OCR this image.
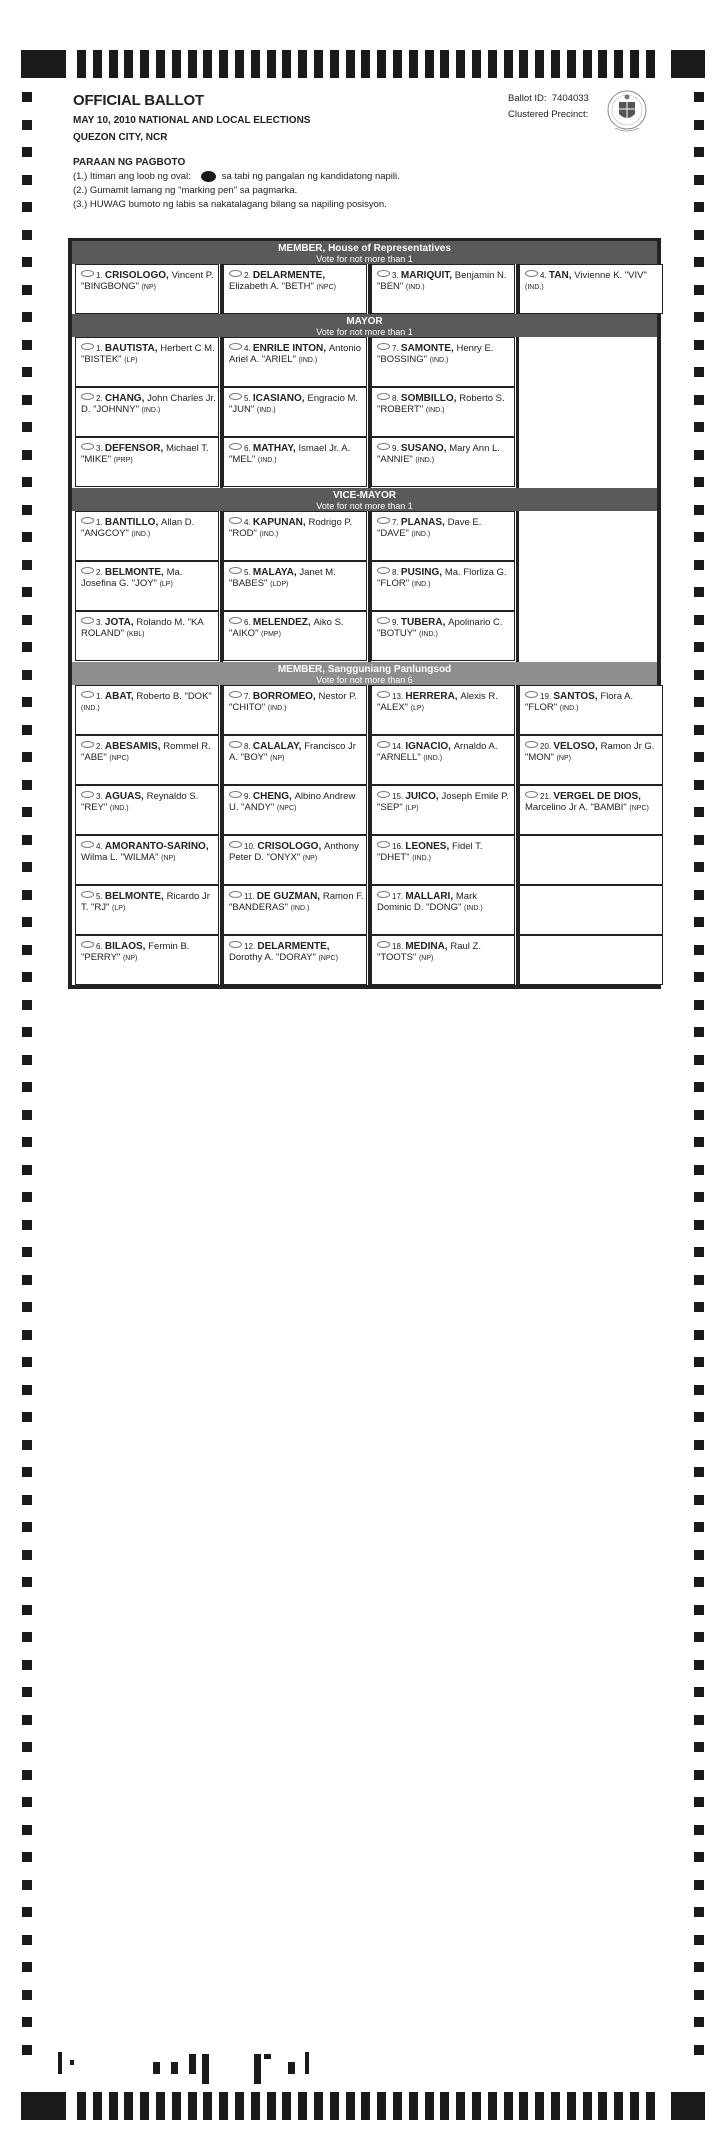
OFFICIAL BALLOT
MAY 10, 2010 NATIONAL AND LOCAL ELECTIONS
QUEZON CITY, NCR
PARAAN NG PAGBOTO
(1.) Itiman ang loob ng oval:	sa tabi ng pangalan ng kandidatong napili.
(2.) Gumamit lamang ng "marking pen" sa pagmarka.
(3.) HUWAG bumoto ng labis sa nakatalagang bilang sa napiling posisyon.
Ballot ID: 7404033
Clustered Precinct:
MEMBER, House of Representatives
Vote for not more than 1
1. CRISOLOGO, Vincent P. "BINGBONG" (NP)
2. DELARMENTE, Elizabeth A. "BETH" (NPC)
3. MARIQUIT, Benjamin N. "BEN" (IND.)
4. TAN, Vivienne K. "VIV" (IND.)
MAYOR
Vote for not more than 1
1. BAUTISTA, Herbert C M. "BISTEK" (LP)
2. CHANG, John Charles Jr. D. "JOHNNY" (IND.)
3. DEFENSOR, Michael T. "MIKE" (PRP)
4. ENRILE INTON, Antonio Ariel A. "ARIEL" (IND.)
5. ICASIANO, Engracio M. "JUN" (IND.)
6. MATHAY, Ismael Jr. A. "MEL" (IND.)
7. SAMONTE, Henry E. "BOSSING" (IND.)
8. SOMBILLO, Roberto S. "ROBERT" (IND.)
9. SUSANO, Mary Ann L. "ANNIE" (IND.)
VICE-MAYOR
Vote for not more than 1
1. BANTILLO, Allan D. "ANGCOY" (IND.)
2. BELMONTE, Ma. Josefina G. "JOY" (LP)
3. JOTA, Rolando M. "KA ROLAND" (KBL)
4. KAPUNAN, Rodrigo P. "ROD" (IND.)
5. MALAYA, Janet M. "BABES" (LDP)
6. MELENDEZ, Aiko S. "AIKO" (PMP)
7. PLANAS, Dave E. "DAVE" (IND.)
8. PUSING, Ma. Florliza G. "FLOR" (IND.)
9. TUBERA, Apolinario C. "BOTUY" (IND.)
MEMBER, Sangguniang Panlungsod
Vote for not more than 6
1. ABAT, Roberto B. "DOK" (IND.)
2. ABESAMIS, Rommel R. "ABE" (NPC)
3. AGUAS, Reynaldo S. "REY" (IND.)
4. AMORANTO-SARINO, Wilma L. "WILMA" (NP)
5. BELMONTE, Ricardo Jr T. "RJ" (LP)
6. BILAOS, Fermin B. "PERRY" (NP)
7. BORROMEO, Nestor P. "CHITO" (IND.)
8. CALALAY, Francisco Jr A. "BOY" (NP)
9. CHENG, Albino Andrew U. "ANDY" (NPC)
10. CRISOLOGO, Anthony Peter D. "ONYX" (NP)
11. DE GUZMAN, Ramon F. "BANDERAS" (IND.)
12. DELARMENTE, Dorothy A. "DORAY" (NPC)
13. HERRERA, Alexis R. "ALEX" (LP)
14. IGNACIO, Arnaldo A. "ARNELL" (IND.)
15. JUICO, Joseph Emile P. "SEP" (LP)
16. LEONES, Fidel T. "DHET" (IND.)
17. MALLARI, Mark Dominic D. "DONG" (IND.)
18. MEDINA, Raul Z. "TOOTS" (NP)
19. SANTOS, Flora A. "FLOR" (IND.)
20. VELOSO, Ramon Jr G. "MON" (NP)
21. VERGEL DE DIOS, Marcelino Jr A. "BAMBI" (NPC)
